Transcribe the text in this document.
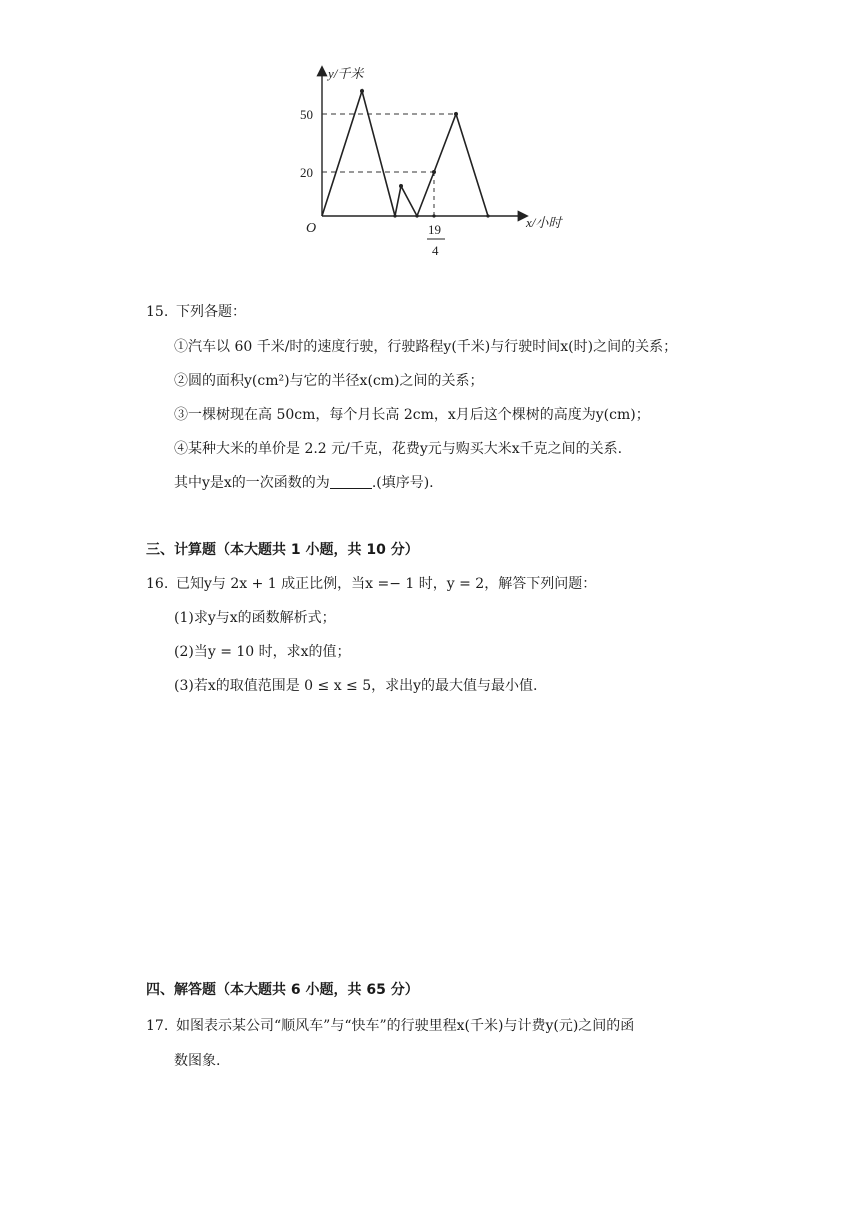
y/千米
x/小时
O
50
20
19
4
15. 下列各题：
①汽车以 60 千米/时的速度行驶，行驶路程y(千米)与行驶时间x(时)之间的关系；
②圆的面积y(cm²)与它的半径x(cm)之间的关系；
③一棵树现在高 50cm，每个月长高 2cm，x月后这个棵树的高度为y(cm)；
④某种大米的单价是 2.2 元/千克，花费y元与购买大米x千克之间的关系.
其中y是x的一次函数的为	.(填序号).
三、计算题（本大题共 1 小题，共 10 分）
16. 已知y与 2x + 1 成正比例，当x =− 1 时，y = 2，解答下列问题：
(1)求y与x的函数解析式；
(2)当y = 10 时，求x的值；
(3)若x的取值范围是 0 ≤ x ≤ 5，求出y的最大值与最小值.
四、解答题（本大题共 6 小题，共 65 分）
17. 如图表示某公司“顺风车”与“快车”的行驶里程x(千米)与计费y(元)之间的函
数图象.
